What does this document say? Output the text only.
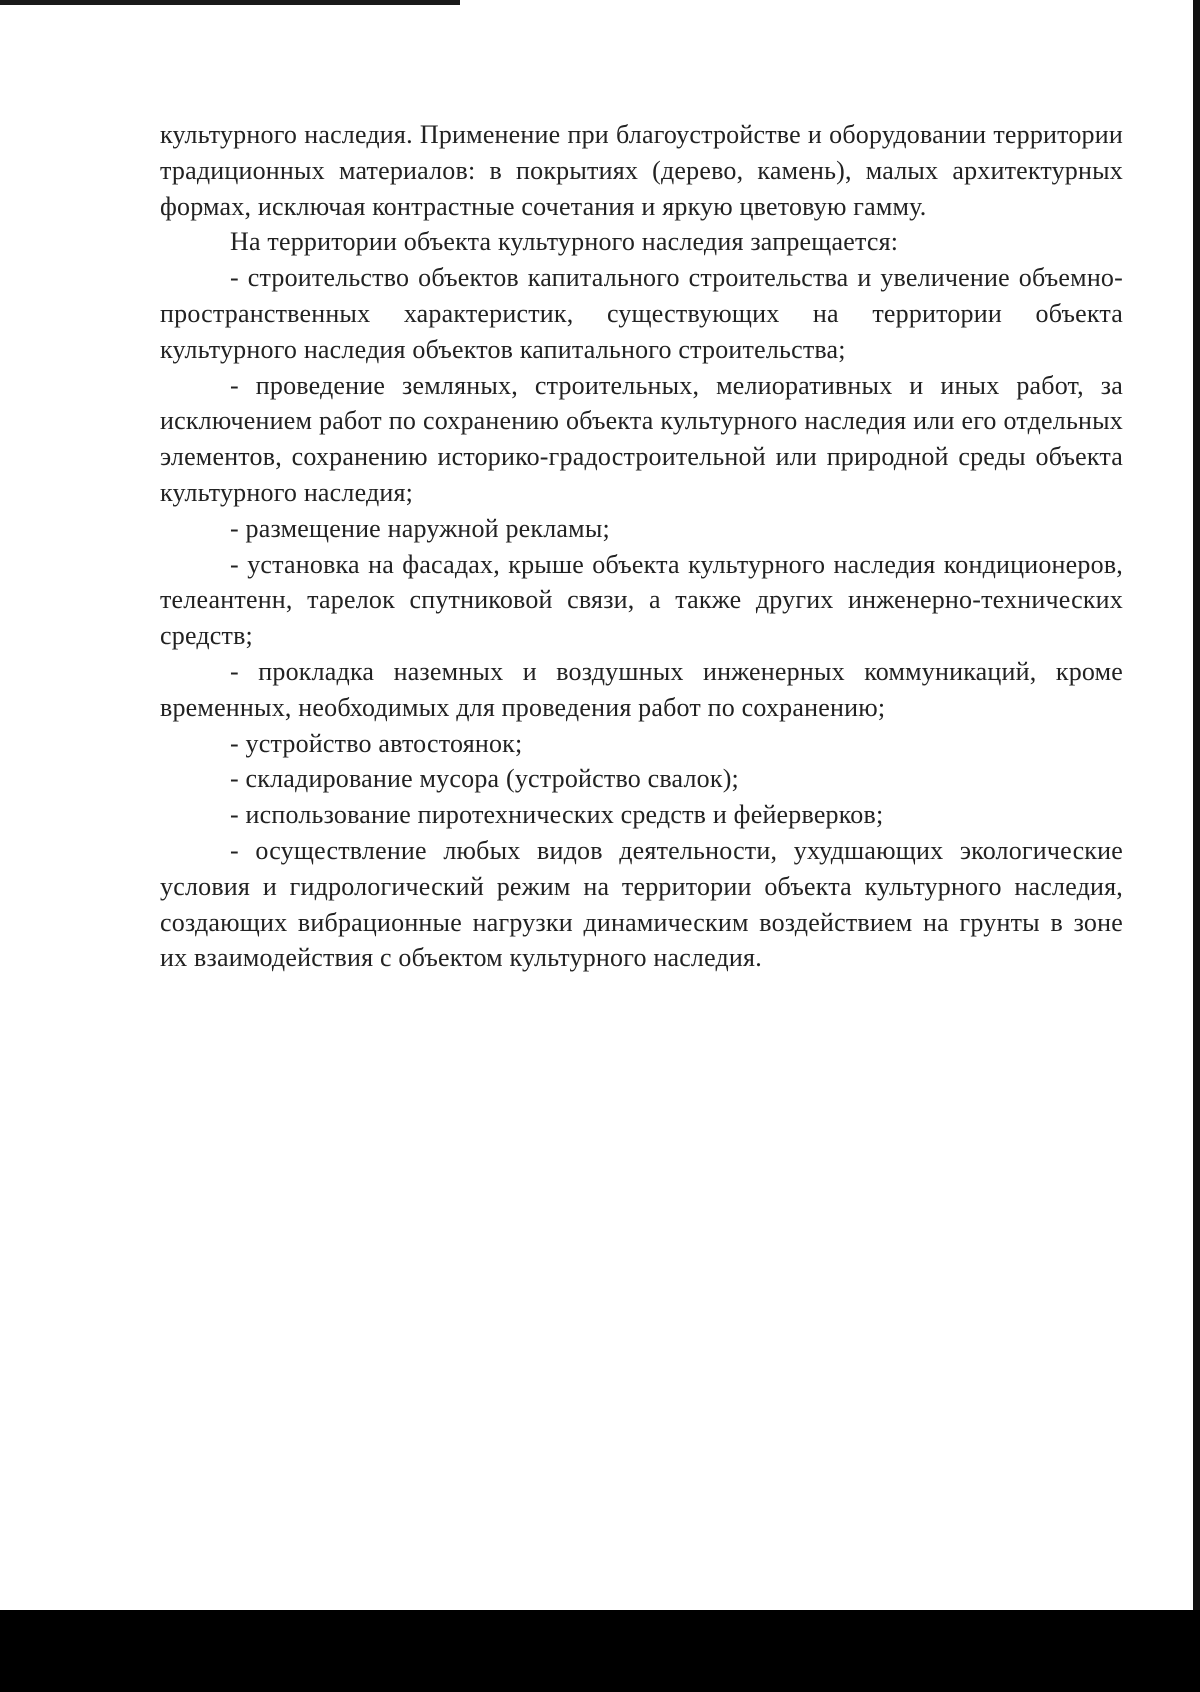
культурного наследия. Применение при благоустройстве и оборудовании территории традиционных материалов: в покрытиях (дерево, камень), малых архитектурных формах, исключая контрастные сочетания и яркую цветовую гамму.

На территории объекта культурного наследия запрещается:

- строительство объектов капитального строительства и увеличение объемно-пространственных характеристик, существующих на территории объекта культурного наследия объектов капитального строительства;

- проведение земляных, строительных, мелиоративных и иных работ, за исключением работ по сохранению объекта культурного наследия или его отдельных элементов, сохранению историко-градостроительной или природной среды объекта культурного наследия;

- размещение наружной рекламы;

- установка на фасадах, крыше объекта культурного наследия кондиционеров, телеантенн, тарелок спутниковой связи, а также других инженерно-технических средств;

- прокладка наземных и воздушных инженерных коммуникаций, кроме временных, необходимых для проведения работ по сохранению;

- устройство автостоянок;

- складирование мусора (устройство свалок);

- использование пиротехнических средств и фейерверков;

- осуществление любых видов деятельности, ухудшающих экологические условия и гидрологический режим на территории объекта культурного наследия, создающих вибрационные нагрузки динамическим воздействием на грунты в зоне их взаимодействия с объектом культурного наследия.
